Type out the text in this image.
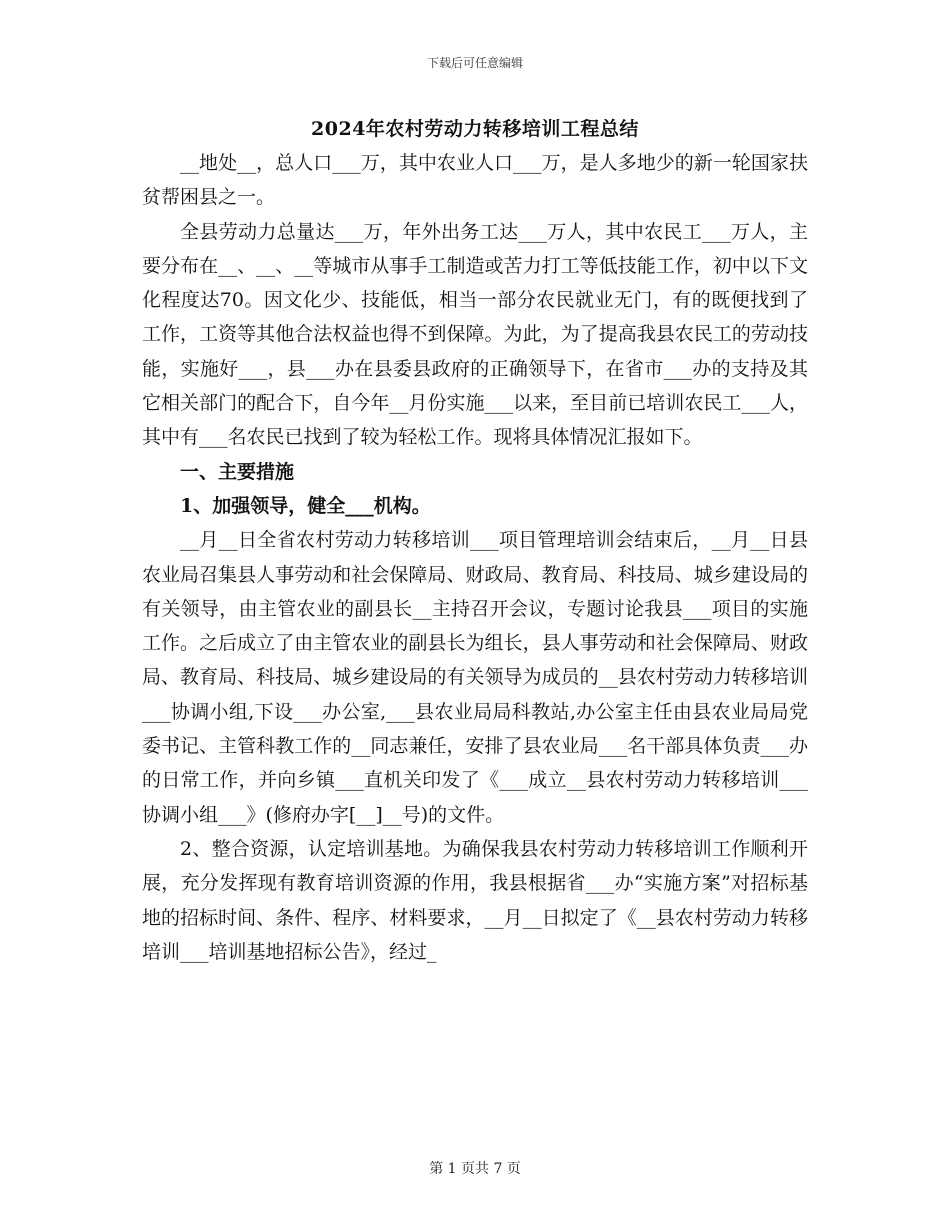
下载后可任意编辑
2024年农村劳动力转移培训工程总结

__地处__，总人口___万，其中农业人口___万，是人多地少的新一轮国家扶贫帮困县之一。

全县劳动力总量达___万，年外出务工达___万人，其中农民工___万人，主要分布在__、__、__等城市从事手工制造或苦力打工等低技能工作，初中以下文化程度达70。因文化少、技能低，相当一部分农民就业无门，有的既便找到了工作，工资等其他合法权益也得不到保障。为此，为了提高我县农民工的劳动技能，实施好___，县___办在县委县政府的正确领导下，在省市___办的支持及其它相关部门的配合下，自今年__月份实施___以来，至目前已培训农民工___人，其中有___名农民已找到了较为轻松工作。现将具体情况汇报如下。

一、主要措施

1、加强领导，健全___机构。

__月__日全省农村劳动力转移培训___项目管理培训会结束后，__月__日县农业局召集县人事劳动和社会保障局、财政局、教育局、科技局、城乡建设局的有关领导，由主管农业的副县长__主持召开会议，专题讨论我县___项目的实施工作。之后成立了由主管农业的副县长为组长，县人事劳动和社会保障局、财政局、教育局、科技局、城乡建设局的有关领导为成员的__县农村劳动力转移培训___协调小组,下设___办公室,___县农业局局科教站,办公室主任由县农业局局党委书记、主管科教工作的__同志兼任，安排了县农业局___名干部具体负责___办的日常工作，并向乡镇___直机关印发了《___成立__县农村劳动力转移培训___协调小组___》(修府办字[__]__号)的文件。

2、整合资源，认定培训基地。为确保我县农村劳动力转移培训工作顺利开展，充分发挥现有教育培训资源的作用，我县根据省___办“实施方案”对招标基地的招标时间、条件、程序、材料要求，__月__日拟定了《__县农村劳动力转移培训___培训基地招标公告》，经过_

第 1 页共 7 页
